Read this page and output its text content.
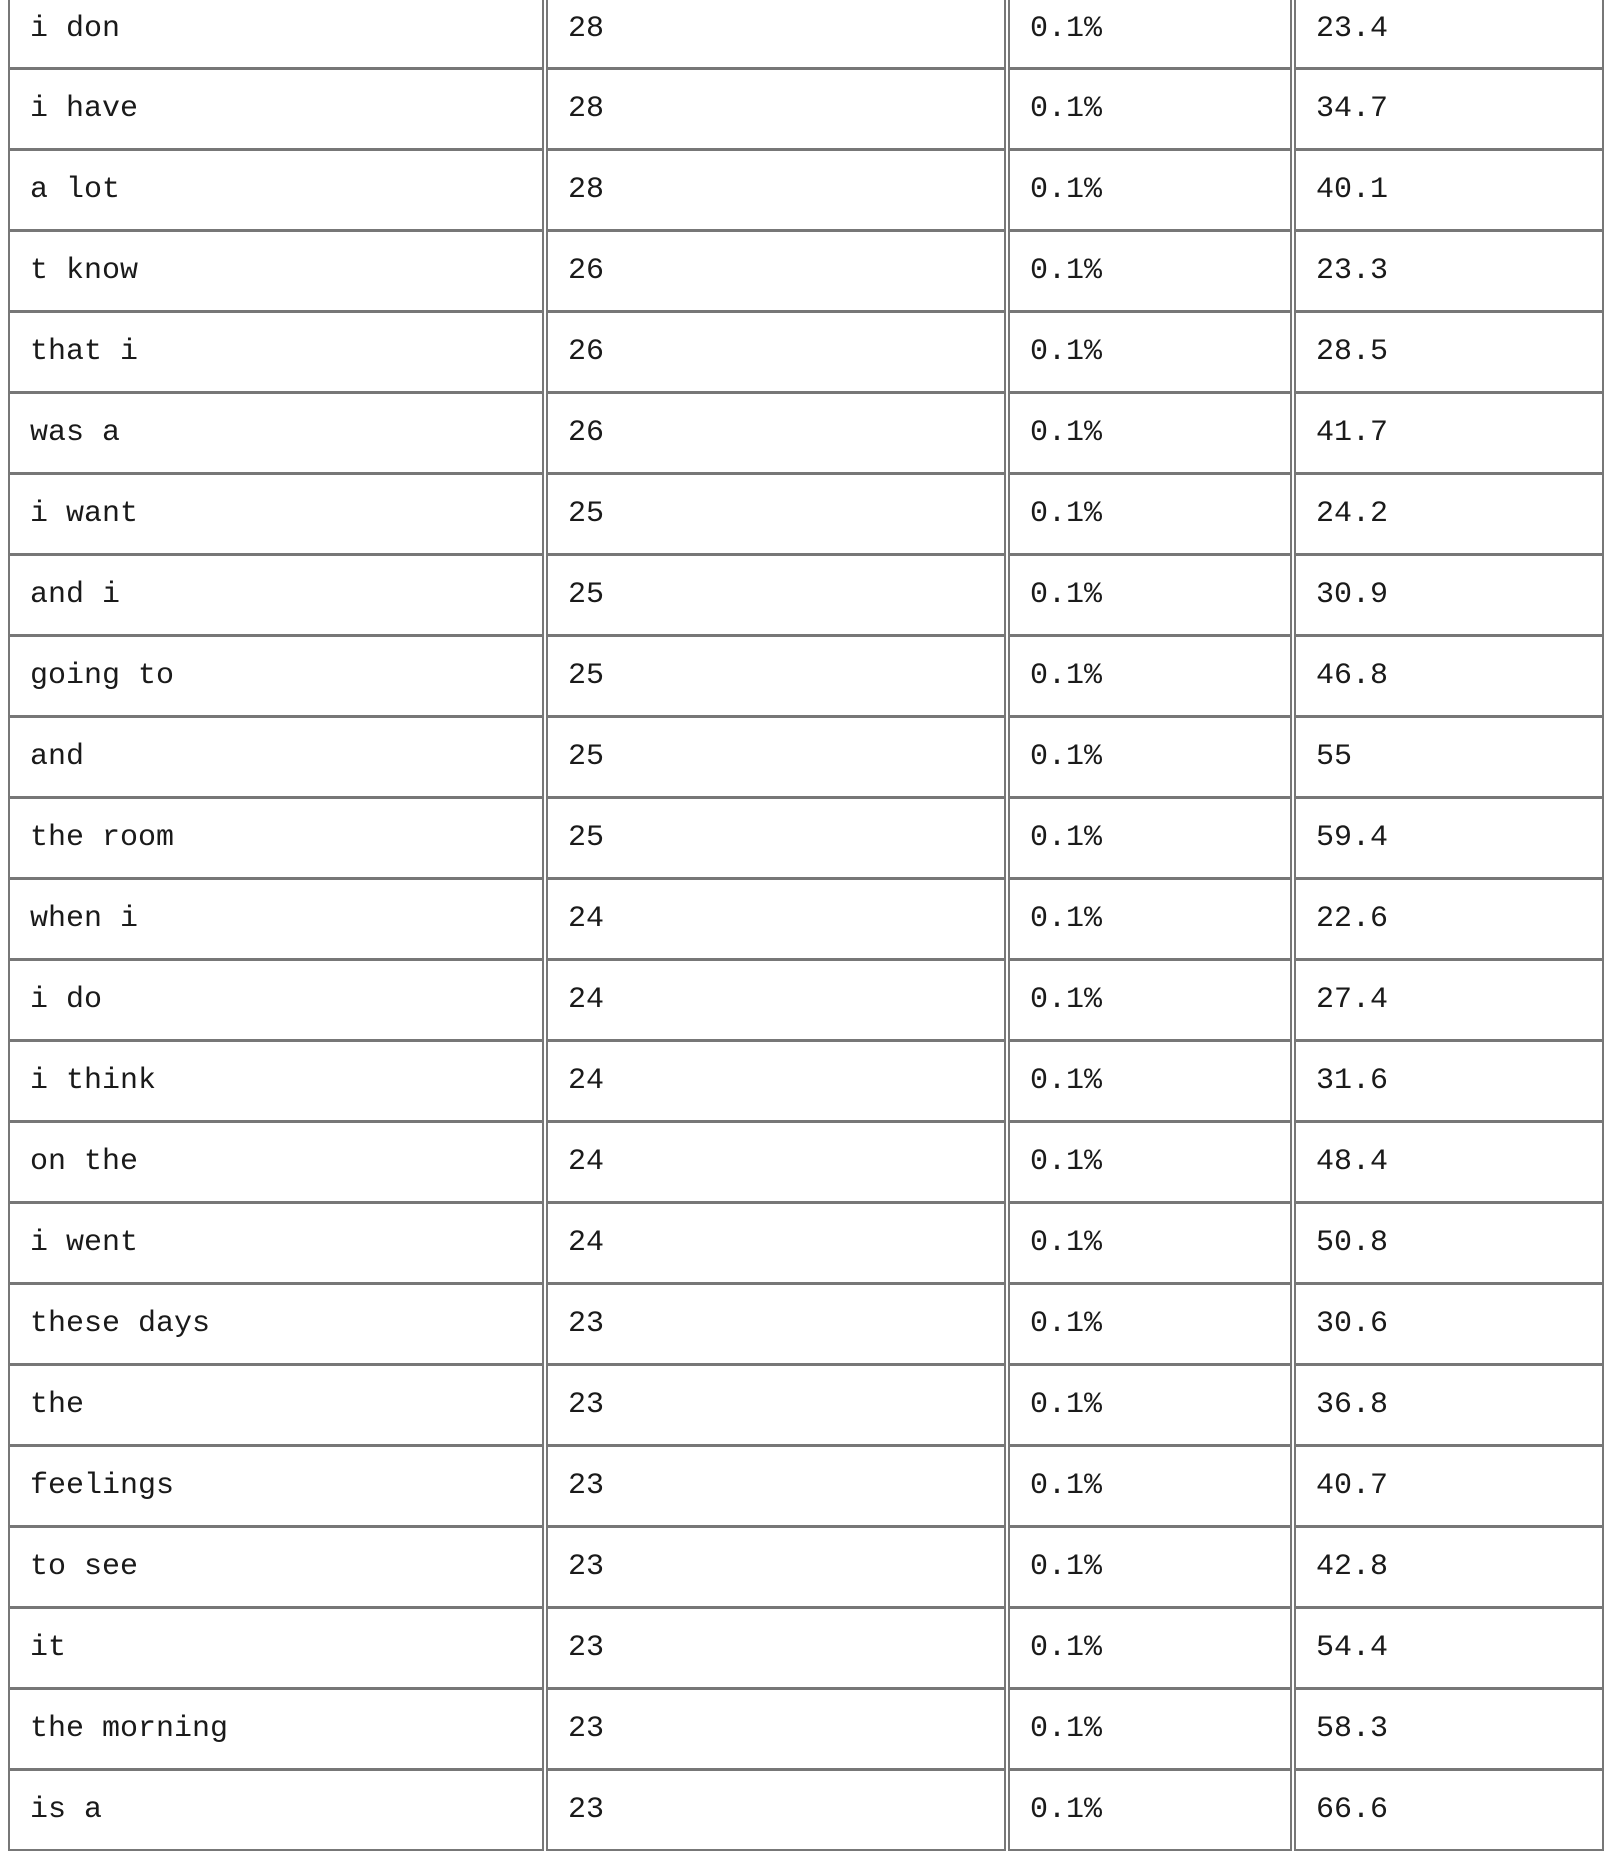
i don	28	0.1%	23.4
i have	28	0.1%	34.7
a lot	28	0.1%	40.1
t know	26	0.1%	23.3
that i	26	0.1%	28.5
was a	26	0.1%	41.7
i want	25	0.1%	24.2
and i	25	0.1%	30.9
going to	25	0.1%	46.8
and	25	0.1%	55
the room	25	0.1%	59.4
when i	24	0.1%	22.6
i do	24	0.1%	27.4
i think	24	0.1%	31.6
on the	24	0.1%	48.4
i went	24	0.1%	50.8
these days	23	0.1%	30.6
the	23	0.1%	36.8
feelings	23	0.1%	40.7
to see	23	0.1%	42.8
it	23	0.1%	54.4
the morning	23	0.1%	58.3
is a	23	0.1%	66.6
